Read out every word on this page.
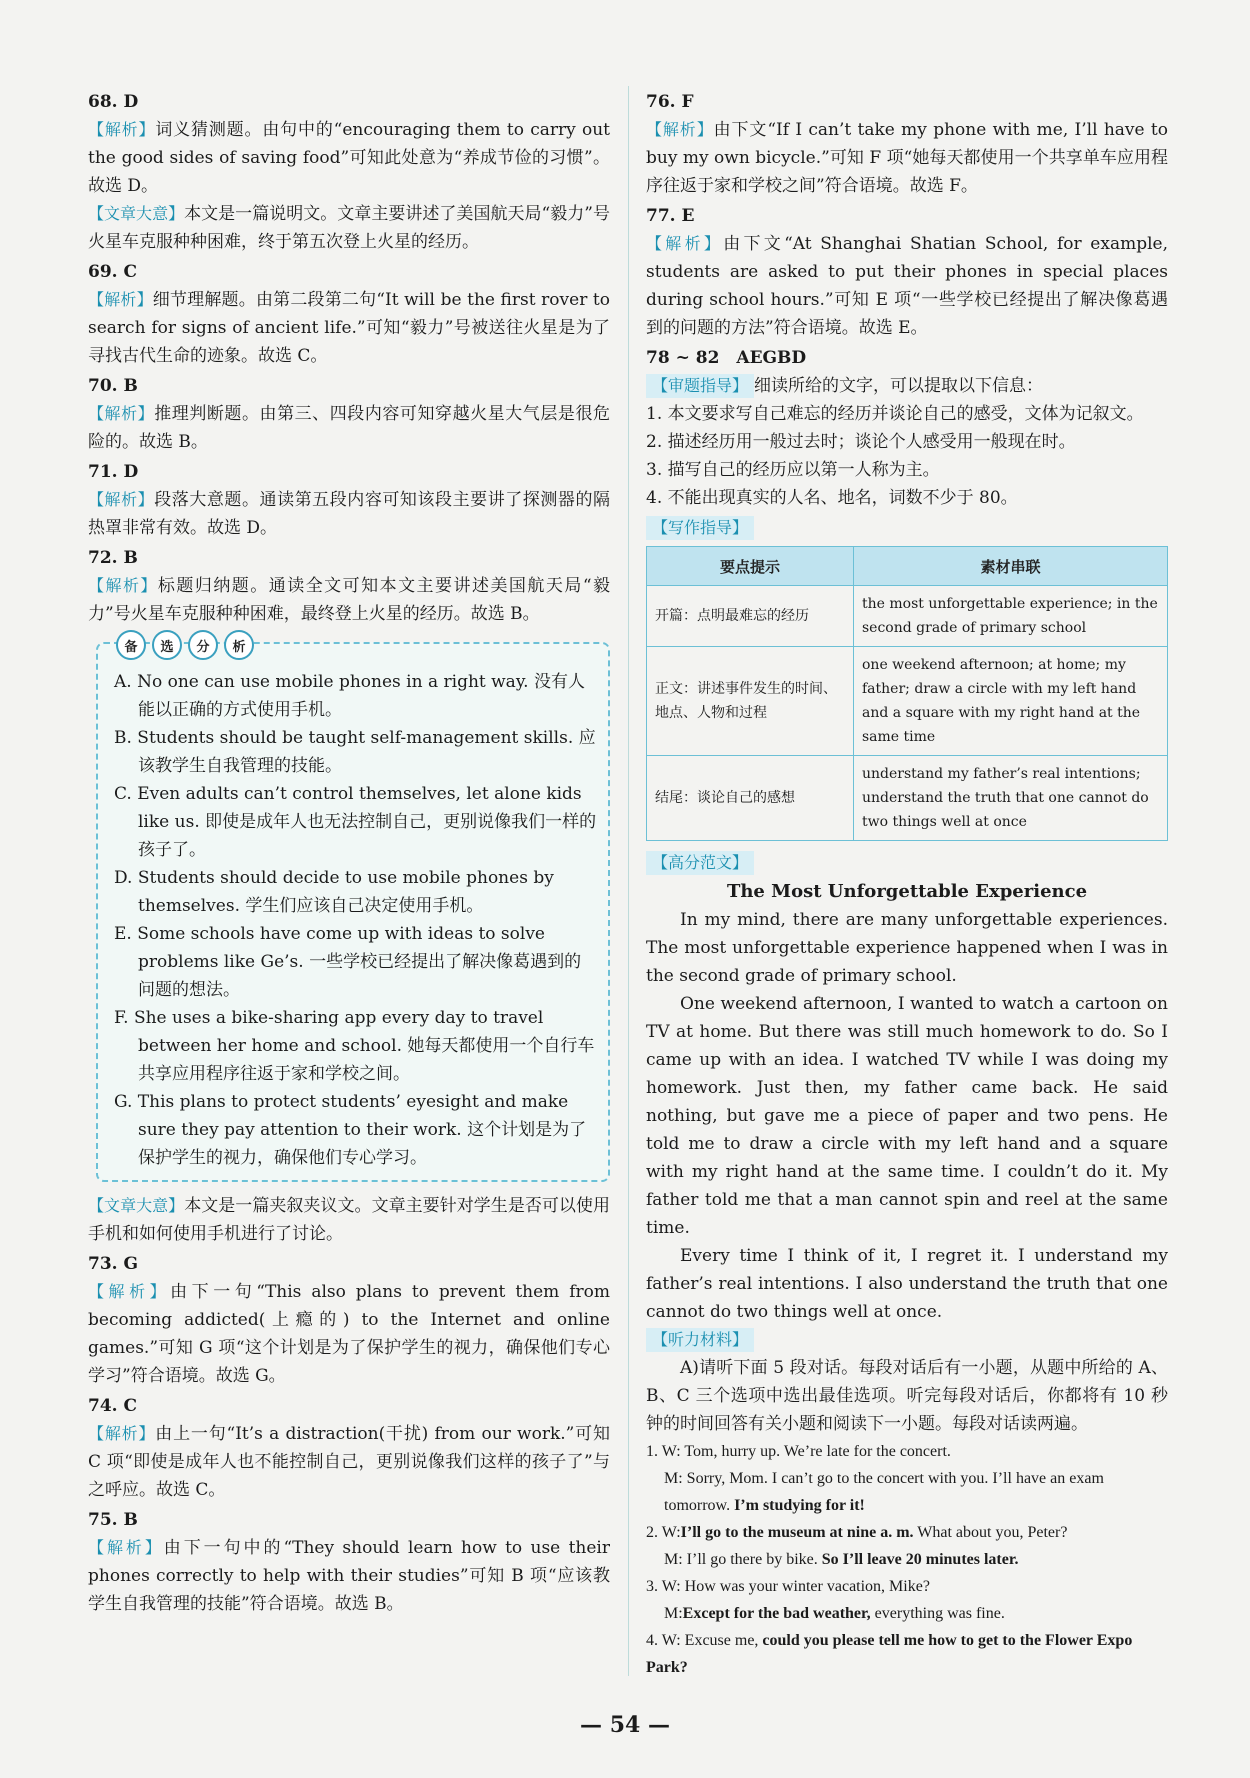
68. D

【解析】词义猜测题。由句中的“encouraging them to carry out the good sides of saving food”可知此处意为“养成节俭的习惯”。故选 D。

【文章大意】本文是一篇说明文。文章主要讲述了美国航天局“毅力”号火星车克服种种困难，终于第五次登上火星的经历。

69. C

【解析】细节理解题。由第二段第二句“It will be the first rover to search for signs of ancient life.”可知“毅力”号被送往火星是为了寻找古代生命的迹象。故选 C。

70. B

【解析】推理判断题。由第三、四段内容可知穿越火星大气层是很危险的。故选 B。

71. D

【解析】段落大意题。通读第五段内容可知该段主要讲了探测器的隔热罩非常有效。故选 D。

72. B

【解析】标题归纳题。通读全文可知本文主要讲述美国航天局“毅力”号火星车克服种种困难，最终登上火星的经历。故选 B。

备	选	分	析

A. No one can use mobile phones in a right way. 没有人能以正确的方式使用手机。

B. Students should be taught self-management skills. 应该教学生自我管理的技能。

C. Even adults can’t control themselves, let alone kids like us. 即使是成年人也无法控制自己，更别说像我们一样的孩子了。

D. Students should decide to use mobile phones by themselves. 学生们应该自己决定使用手机。

E. Some schools have come up with ideas to solve problems like Ge’s. 一些学校已经提出了解决像葛遇到的问题的想法。

F. She uses a bike-sharing app every day to travel between her home and school. 她每天都使用一个自行车共享应用程序往返于家和学校之间。

G. This plans to protect students’ eyesight and make sure they pay attention to their work. 这个计划是为了保护学生的视力，确保他们专心学习。

【文章大意】本文是一篇夹叙夹议文。文章主要针对学生是否可以使用手机和如何使用手机进行了讨论。

73. G

【解析】由下一句“This also plans to prevent them from becoming addicted(上瘾的) to the Internet and online games.”可知 G 项“这个计划是为了保护学生的视力，确保他们专心学习”符合语境。故选 G。

74. C

【解析】由上一句“It’s a distraction(干扰) from our work.”可知 C 项“即使是成年人也不能控制自己，更别说像我们这样的孩子了”与之呼应。故选 C。

75. B

【解析】由下一句中的“They should learn how to use their phones correctly to help with their studies”可知 B 项“应该教学生自我管理的技能”符合语境。故选 B。

76. F

【解析】由下文“If I can’t take my phone with me, I’ll have to buy my own bicycle.”可知 F 项“她每天都使用一个共享单车应用程序往返于家和学校之间”符合语境。故选 F。

77. E

【解析】由下文“At Shanghai Shatian School, for example, students are asked to put their phones in special places during school hours.”可知 E 项“一些学校已经提出了解决像葛遇到的问题的方法”符合语境。故选 E。

78 ~ 82　AEGBD

【审题指导】 细读所给的文字，可以提取以下信息：

1. 本文要求写自己难忘的经历并谈论自己的感受，文体为记叙文。

2. 描述经历用一般过去时；谈论个人感受用一般现在时。

3. 描写自己的经历应以第一人称为主。

4. 不能出现真实的人名、地名，词数不少于 80。

【写作指导】

要点提示	素材串联
开篇：点明最难忘的经历	the most unforgettable experience; in the second grade of primary school
正文：讲述事件发生的时间、地点、人物和过程	one weekend afternoon; at home; my father; draw a circle with my left hand and a square with my right hand at the same time
结尾：谈论自己的感想	understand my father’s real intentions; understand the truth that one cannot do two things well at once

【高分范文】

The Most Unforgettable Experience

In my mind, there are many unforgettable experiences. The most unforgettable experience happened when I was in the second grade of primary school.

One weekend afternoon, I wanted to watch a cartoon on TV at home. But there was still much homework to do. So I came up with an idea. I watched TV while I was doing my homework. Just then, my father came back. He said nothing, but gave me a piece of paper and two pens. He told me to draw a circle with my left hand and a square with my right hand at the same time. I couldn’t do it. My father told me that a man cannot spin and reel at the same time.

Every time I think of it, I regret it. I understand my father’s real intentions. I also understand the truth that one cannot do two things well at once.

【听力材料】

A)请听下面 5 段对话。每段对话后有一小题，从题中所给的 A、B、C 三个选项中选出最佳选项。听完每段对话后，你都将有 10 秒钟的时间回答有关小题和阅读下一小题。每段对话读两遍。

1. W: Tom, hurry up. We’re late for the concert.

M: Sorry, Mom. I can’t go to the concert with you. I’ll have an exam tomorrow. I’m studying for it!

2. W:I’ll go to the museum at nine a. m. What about you, Peter?

M: I’ll go there by bike. So I’ll leave 20 minutes later.

3. W: How was your winter vacation, Mike?

M:Except for the bad weather, everything was fine.

4. W: Excuse me, could you please tell me how to get to the Flower Expo Park?

— 54 —
